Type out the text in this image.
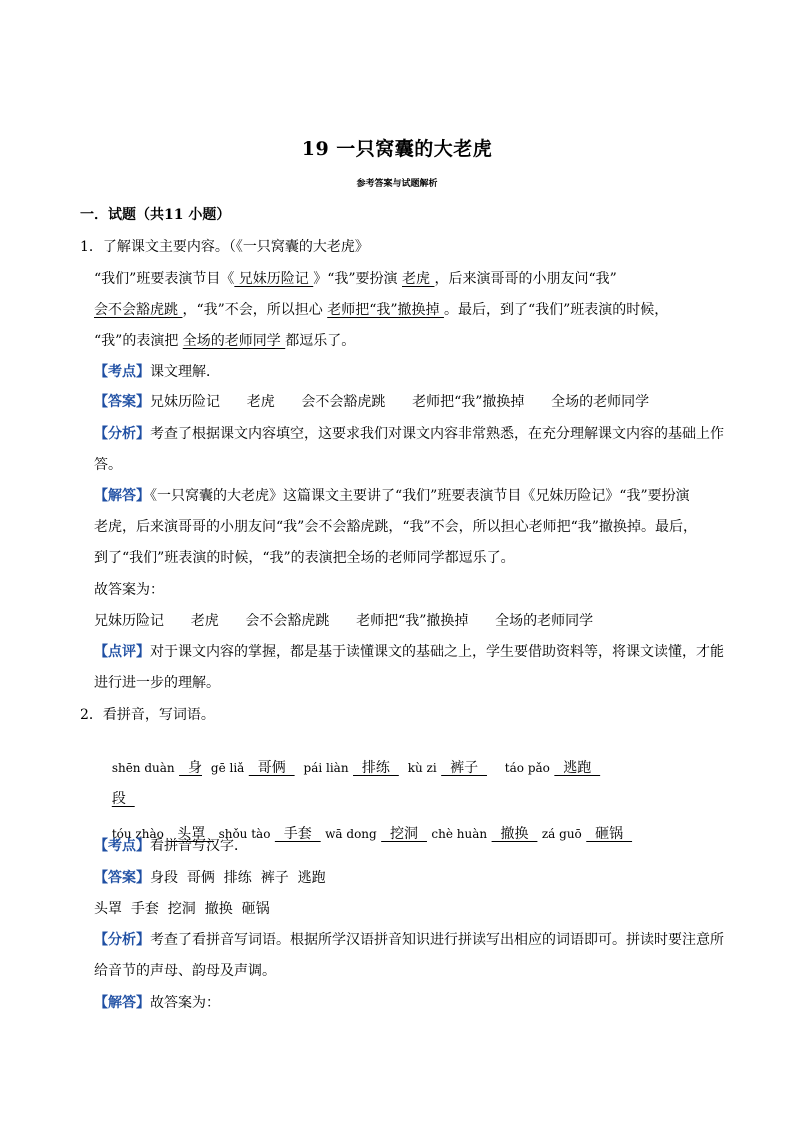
19 一只窝囊的大老虎
参考答案与试题解析
一．试题（共11 小题）
1．了解课文主要内容。（《一只窝囊的大老虎》
“我们”班要表演节目《 兄妹历险记 》“我”要扮演 老虎 ，后来演哥哥的小朋友问“我”
会不会豁虎跳 ，“我”不会，所以担心 老师把“我”撤换掉 。最后，到了“我们”班表演的时候，
“我”的表演把 全场的老师同学 都逗乐了。
【考点】课文理解．
【答案】兄妹历险记      老虎      会不会豁虎跳      老师把“我”撤换掉      全场的老师同学
【分析】考查了根据课文内容填空，这要求我们对课文内容非常熟悉，在充分理解课文内容的基础上作
答。
【解答】《一只窝囊的大老虎》这篇课文主要讲了“我们”班要表演节目《兄妹历险记》“我”要扮演
老虎，后来演哥哥的小朋友问“我”会不会豁虎跳，“我”不会，所以担心老师把“我”撤换掉。最后，
到了“我们”班表演的时候，“我”的表演把全场的老师同学都逗乐了。
故答案为：
兄妹历险记      老虎      会不会豁虎跳      老师把“我”撤换掉      全场的老师同学
【点评】对于课文内容的掌握，都是基于读懂课文的基础之上，学生要借助资料等，将课文读懂，才能
进行进一步的理解。
2．看拼音，写词语。

shēn duàn   身 gē liǎ   哥俩    pái liàn   排练    kù zi   裤子      táo pǎo   逃跑

段

tóu zhào   头罩   shǒu tào   手套   wā dong   挖洞   chè huàn   撤换   zá guō   砸锅

【考点】看拼音写汉字．
【答案】身段  哥俩  排练  裤子  逃跑
头罩  手套  挖洞  撤换  砸锅
【分析】考查了看拼音写词语。根据所学汉语拼音知识进行拼读写出相应的词语即可。拼读时要注意所
给音节的声母、韵母及声调。
【解答】故答案为：
